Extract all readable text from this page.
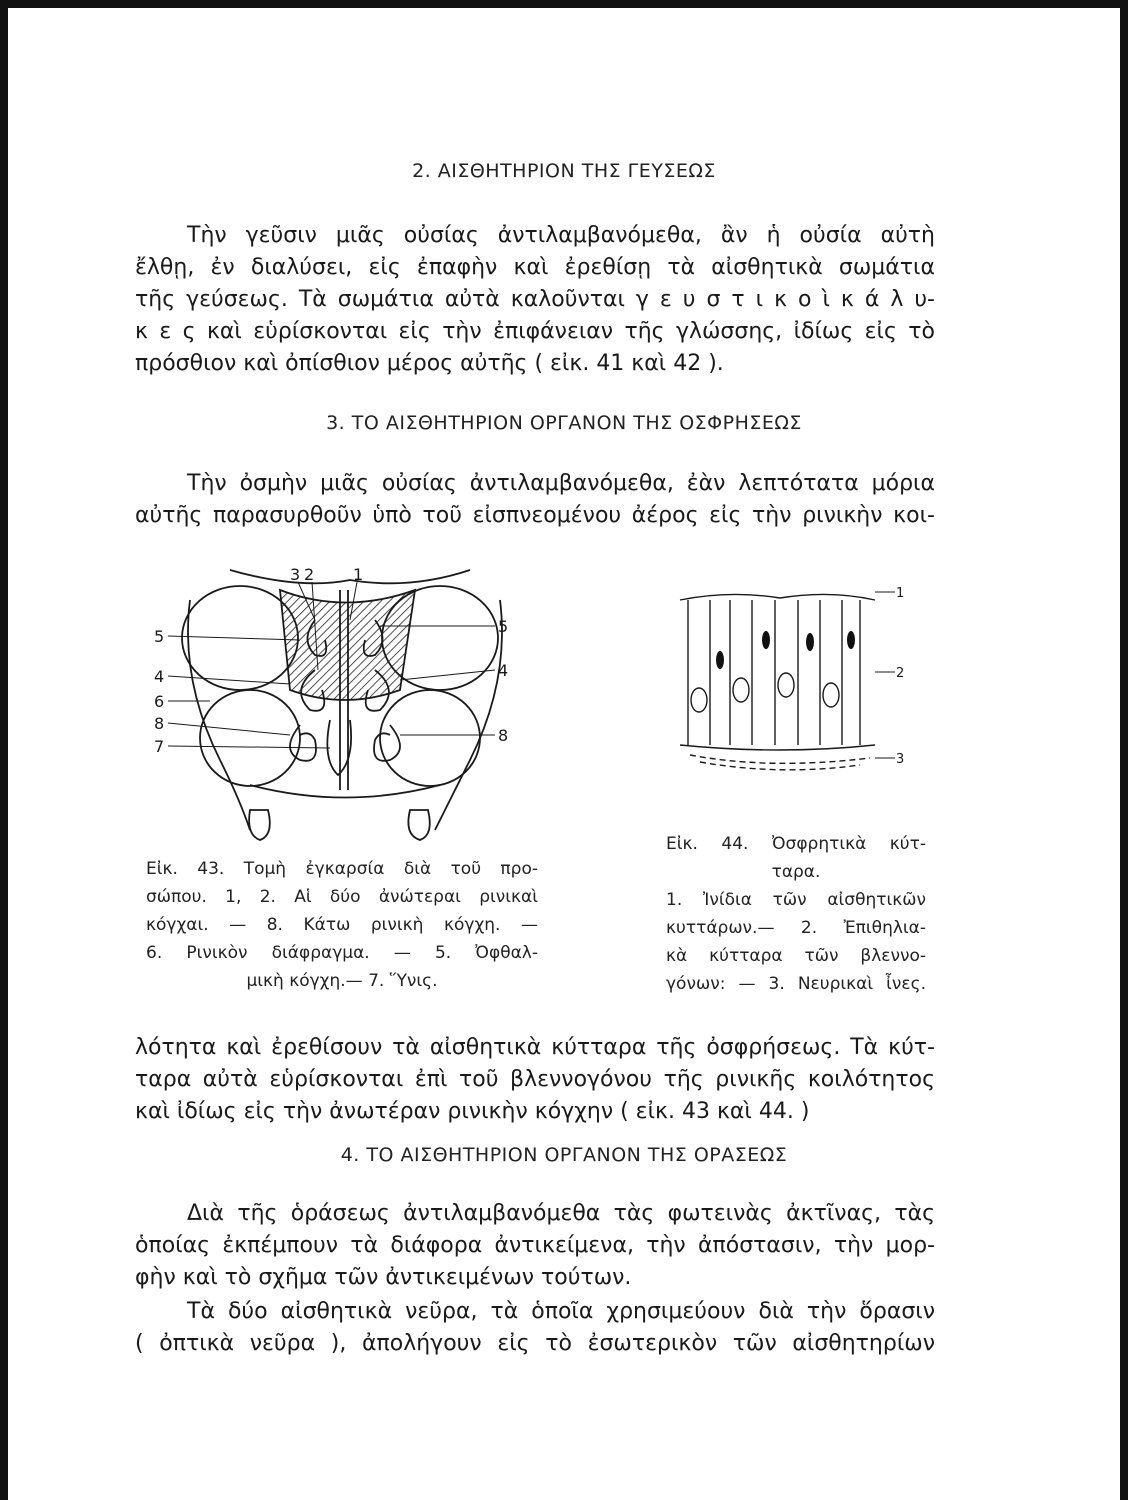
2. ΑΙΣΘΗΤΗΡΙΟΝ ΤΗΣ ΓΕΥΣΕΩΣ
Τὴν γεῦσιν μιᾶς οὐσίας ἀντιλαμβανόμεθα, ἂν ἡ οὐσία αὐτὴ
ἔλθῃ, ἐν διαλύσει, εἰς ἐπαφὴν καὶ ἐρεθίσῃ τὰ αἰσθητικὰ σωμάτια
τῆς γεύσεως. Τὰ σωμάτια αὐτὰ καλοῦνται γ ε υ σ τ ι κ ο ὶ κ ά λ υ-
κ ε ς καὶ εὑρίσκονται εἰς τὴν ἐπιφάνειαν τῆς γλώσσης, ἰδίως εἰς τὸ
πρόσθιον καὶ ὀπίσθιον μέρος αὐτῆς ( εἰκ. 41 καὶ 42 ).
3. ΤΟ ΑΙΣΘΗΤΗΡΙΟΝ ΟΡΓΑΝΟΝ ΤΗΣ ΟΣΦΡΗΣΕΩΣ
Τὴν ὀσμὴν μιᾶς οὐσίας ἀντιλαμβανόμεθα, ἐὰν λεπτότατα μόρια
αὐτῆς παρασυρθοῦν ὑπὸ τοῦ εἰσπνεομένου ἀέρος εἰς τὴν ρινικὴν κοι-
3 2 1
5
4
6
8
7
5
4
8
1
2
3
Εἰκ. 43. Τομὴ ἐγκαρσία διὰ τοῦ προ-
σώπου. 1, 2. Αἱ δύο ἀνώτεραι ρινικαὶ
κόγχαι. — 8. Κάτω ρινικὴ κόγχη. —
6. Ρινικὸν διάφραγμα. — 5. Ὀφθαλ-
μικὴ κόγχη.— 7. Ὕνις.
Εἰκ. 44. Ὀσφρητικὰ κύτ-
ταρα.
1. Ἰνίδια τῶν αἰσθητικῶν
κυττάρων.— 2. Ἐπιθηλια-
κὰ κύτταρα τῶν βλεννο-
γόνων: — 3. Νευρικαὶ ἶνες.
λότητα καὶ ἐρεθίσουν τὰ αἰσθητικὰ κύτταρα τῆς ὀσφρήσεως. Τὰ κύτ-
ταρα αὐτὰ εὑρίσκονται ἐπὶ τοῦ βλεννογόνου τῆς ρινικῆς κοιλότητος
καὶ ἰδίως εἰς τὴν ἀνωτέραν ρινικὴν κόγχην ( εἰκ. 43 καὶ 44. )
4. ΤΟ ΑΙΣΘΗΤΗΡΙΟΝ ΟΡΓΑΝΟΝ ΤΗΣ ΟΡΑΣΕΩΣ
Διὰ τῆς ὁράσεως ἀντιλαμβανόμεθα τὰς φωτεινὰς ἀκτῖνας, τὰς
ὁποίας ἐκπέμπουν τὰ διάφορα ἀντικείμενα, τὴν ἀπόστασιν, τὴν μορ-
φὴν καὶ τὸ σχῆμα τῶν ἀντικειμένων τούτων.
Τὰ δύο αἰσθητικὰ νεῦρα, τὰ ὁποῖα χρησιμεύουν διὰ τὴν ὅρασιν
( ὀπτικὰ νεῦρα ), ἀπολήγουν εἰς τὸ ἐσωτερικὸν τῶν αἰσθητηρίων
